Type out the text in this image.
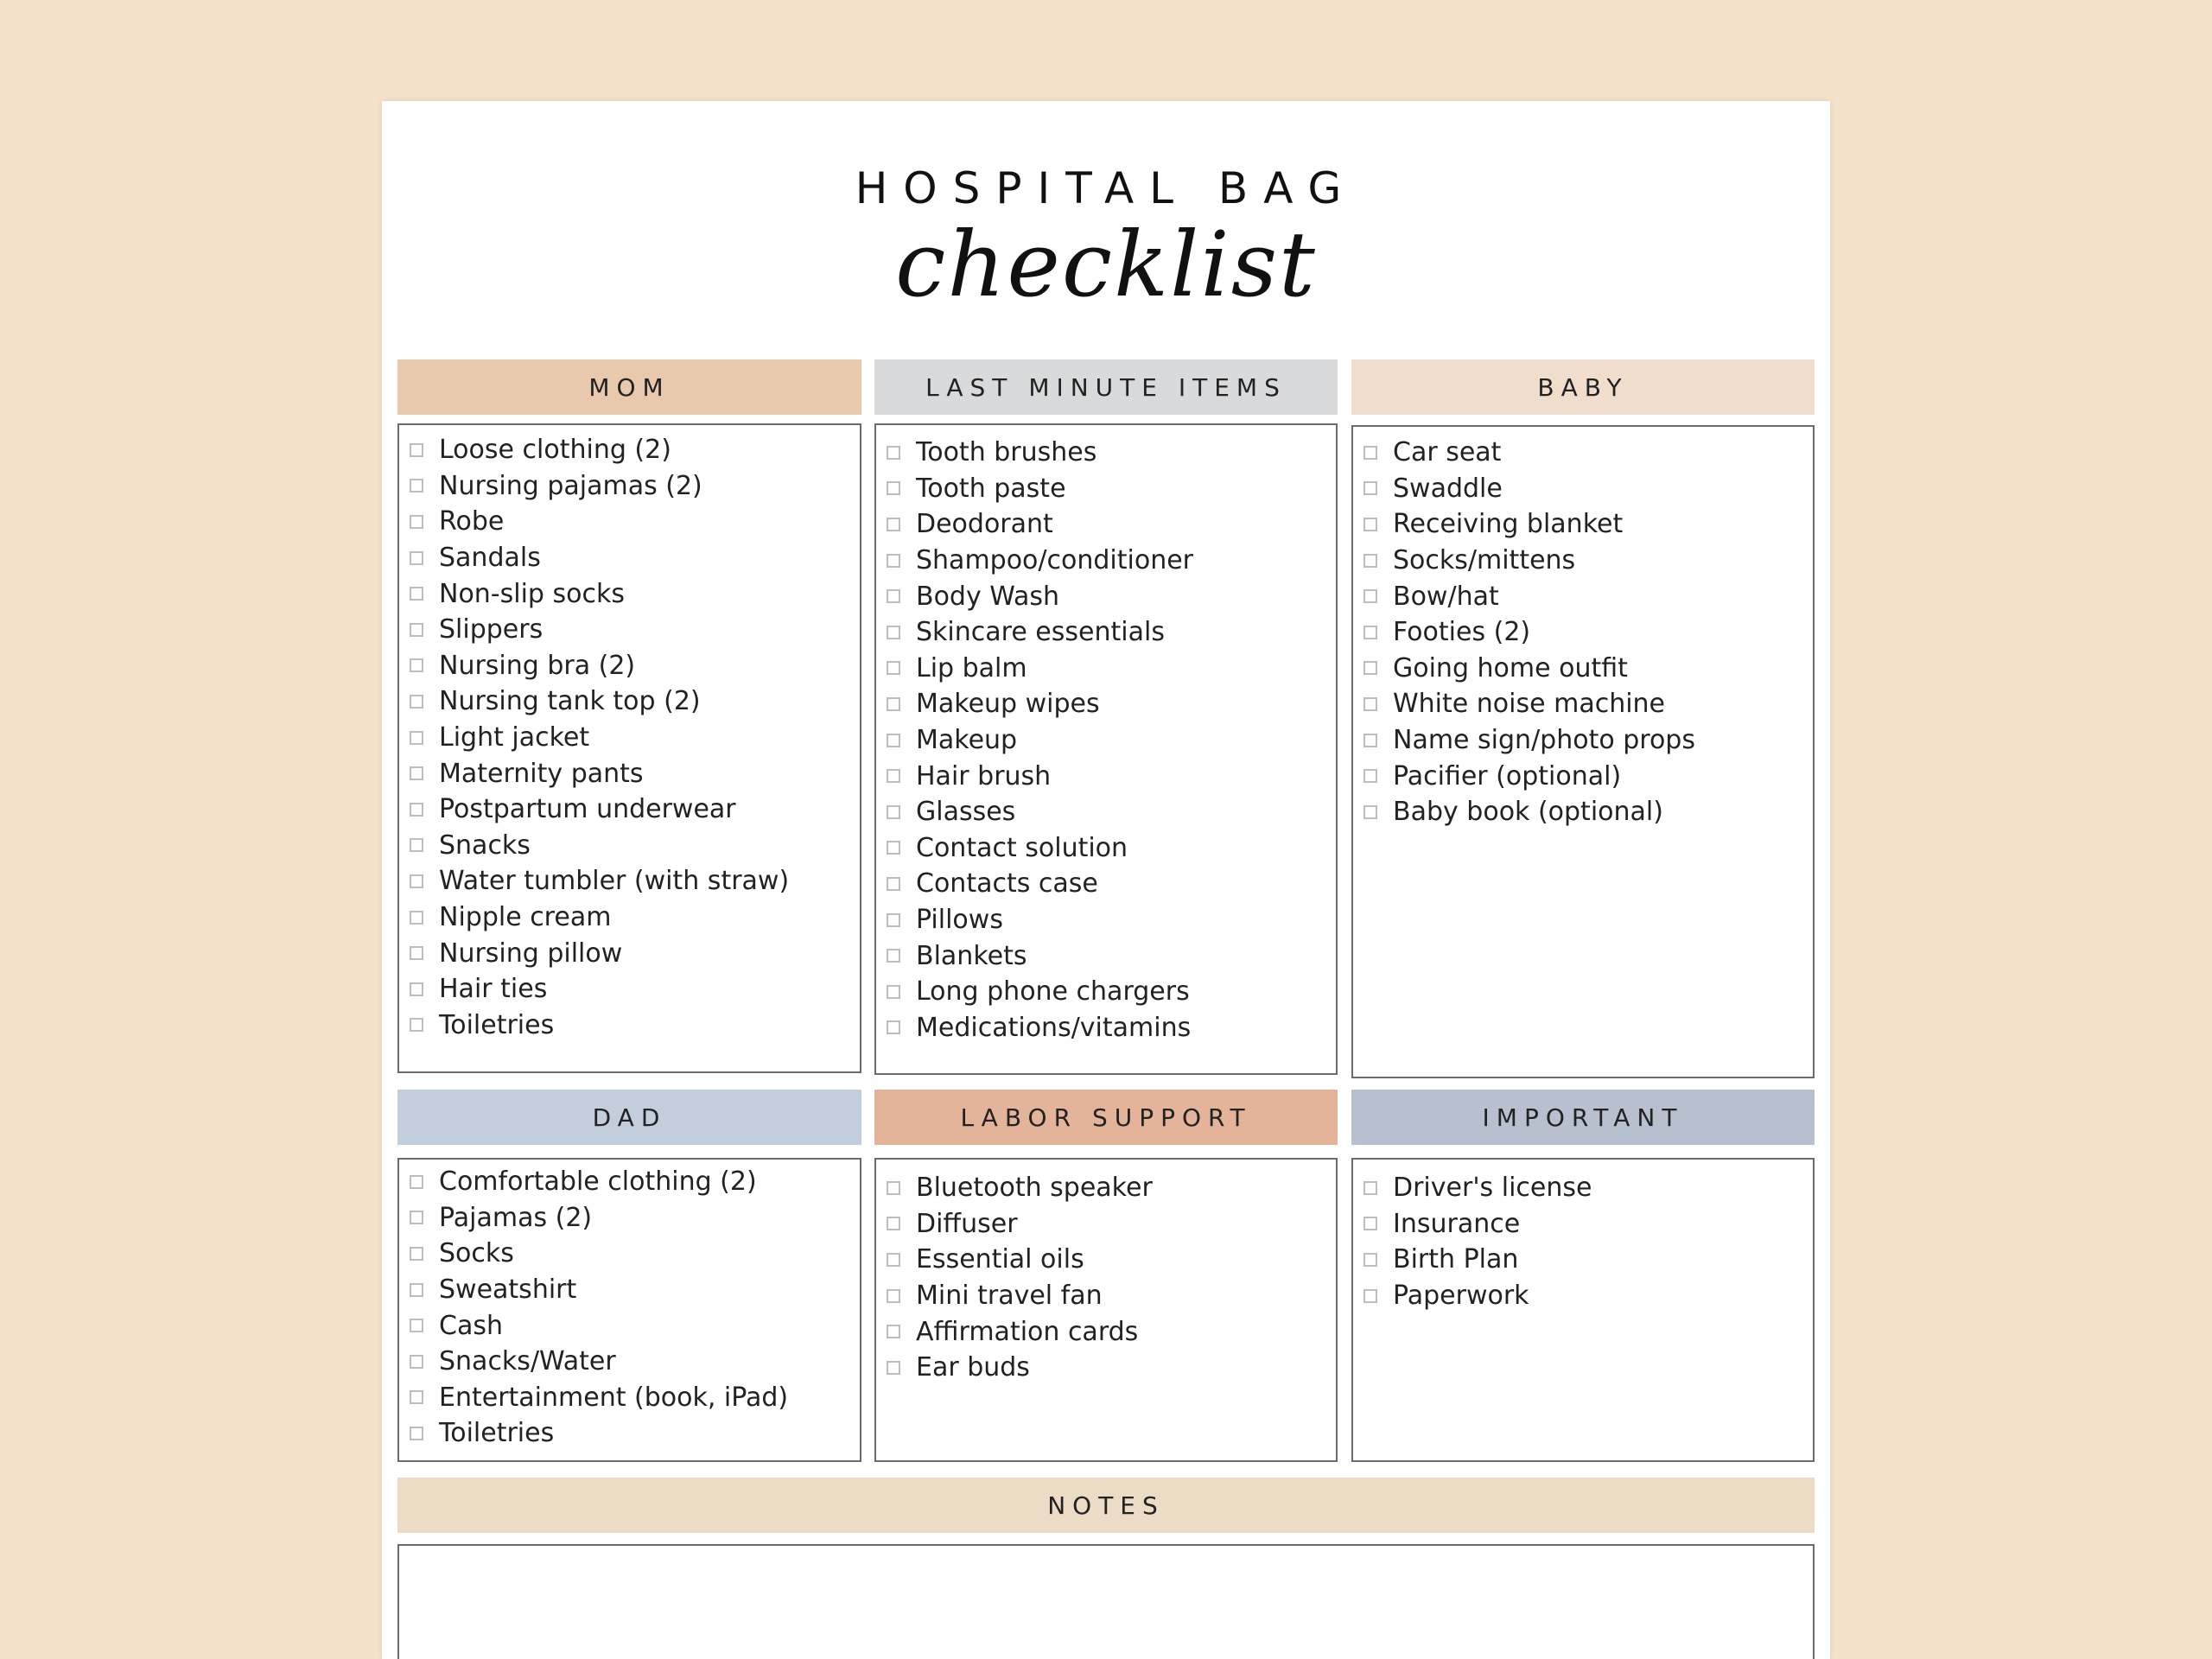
HOSPITAL BAG
checklist
MOM
Loose clothing (2)
Nursing pajamas (2)
Robe
Sandals
Non-slip socks
Slippers
Nursing bra (2)
Nursing tank top (2)
Light jacket
Maternity pants
Postpartum underwear
Snacks
Water tumbler (with straw)
Nipple cream
Nursing pillow
Hair ties
Toiletries
LAST MINUTE ITEMS
Tooth brushes
Tooth paste
Deodorant
Shampoo/conditioner
Body Wash
Skincare essentials
Lip balm
Makeup wipes
Makeup
Hair brush
Glasses
Contact solution
Contacts case
Pillows
Blankets
Long phone chargers
Medications/vitamins
BABY
Car seat
Swaddle
Receiving blanket
Socks/mittens
Bow/hat
Footies (2)
Going home outfit
White noise machine
Name sign/photo props
Pacifier (optional)
Baby book (optional)
DAD
Comfortable clothing (2)
Pajamas (2)
Socks
Sweatshirt
Cash
Snacks/Water
Entertainment (book, iPad)
Toiletries
LABOR SUPPORT
Bluetooth speaker
Diffuser
Essential oils
Mini travel fan
Affirmation cards
Ear buds
IMPORTANT
Driver's license
Insurance
Birth Plan
Paperwork
NOTES
